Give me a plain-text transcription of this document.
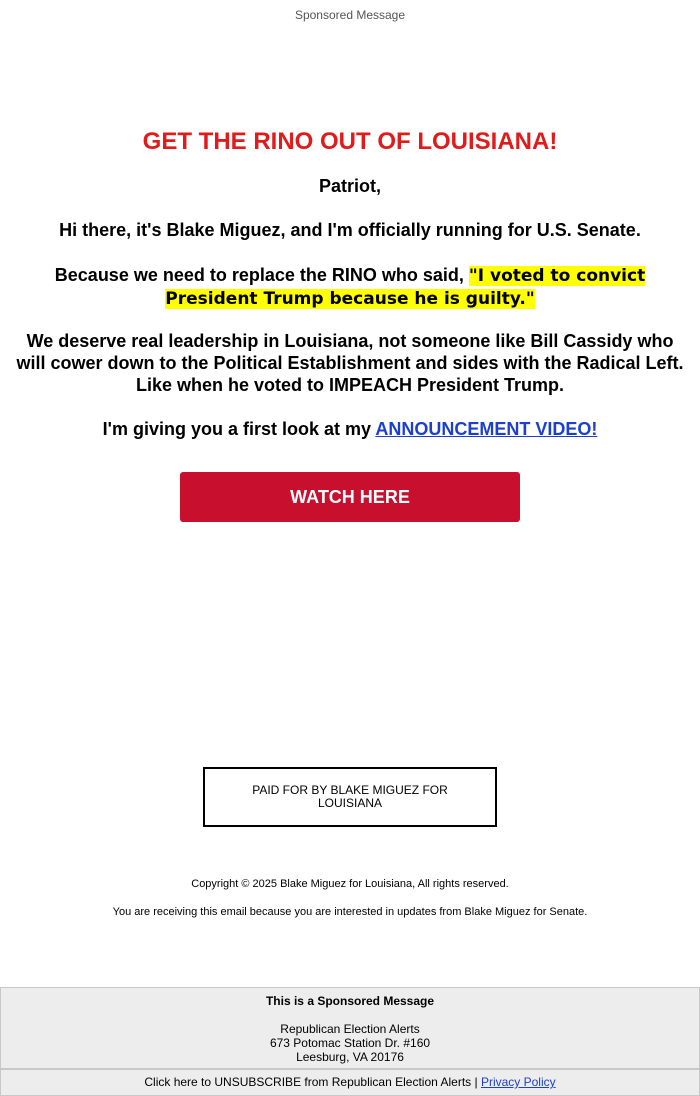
Sponsored Message
GET THE RINO OUT OF LOUISIANA!

Patriot,

Hi there, it's Blake Miguez, and I'm officially running for U.S. Senate.

Because we need to replace the RINO who said, "I voted to convict President Trump because he is guilty."

We deserve real leadership in Louisiana, not someone like Bill Cassidy who will cower down to the Political Establishment and sides with the Radical Left. Like when he voted to IMPEACH President Trump.

I'm giving you a first look at my ANNOUNCEMENT VIDEO!

WATCH HERE
PAID FOR BY BLAKE MIGUEZ FOR LOUISIANA
Copyright © 2025 Blake Miguez for Louisiana, All rights reserved.
You are receiving this email because you are interested in updates from Blake Miguez for Senate.
This is a Sponsored Message
Republican Election Alerts
673 Potomac Station Dr. #160
Leesburg, VA 20176
Click here to UNSUBSCRIBE from Republican Election Alerts | Privacy Policy
